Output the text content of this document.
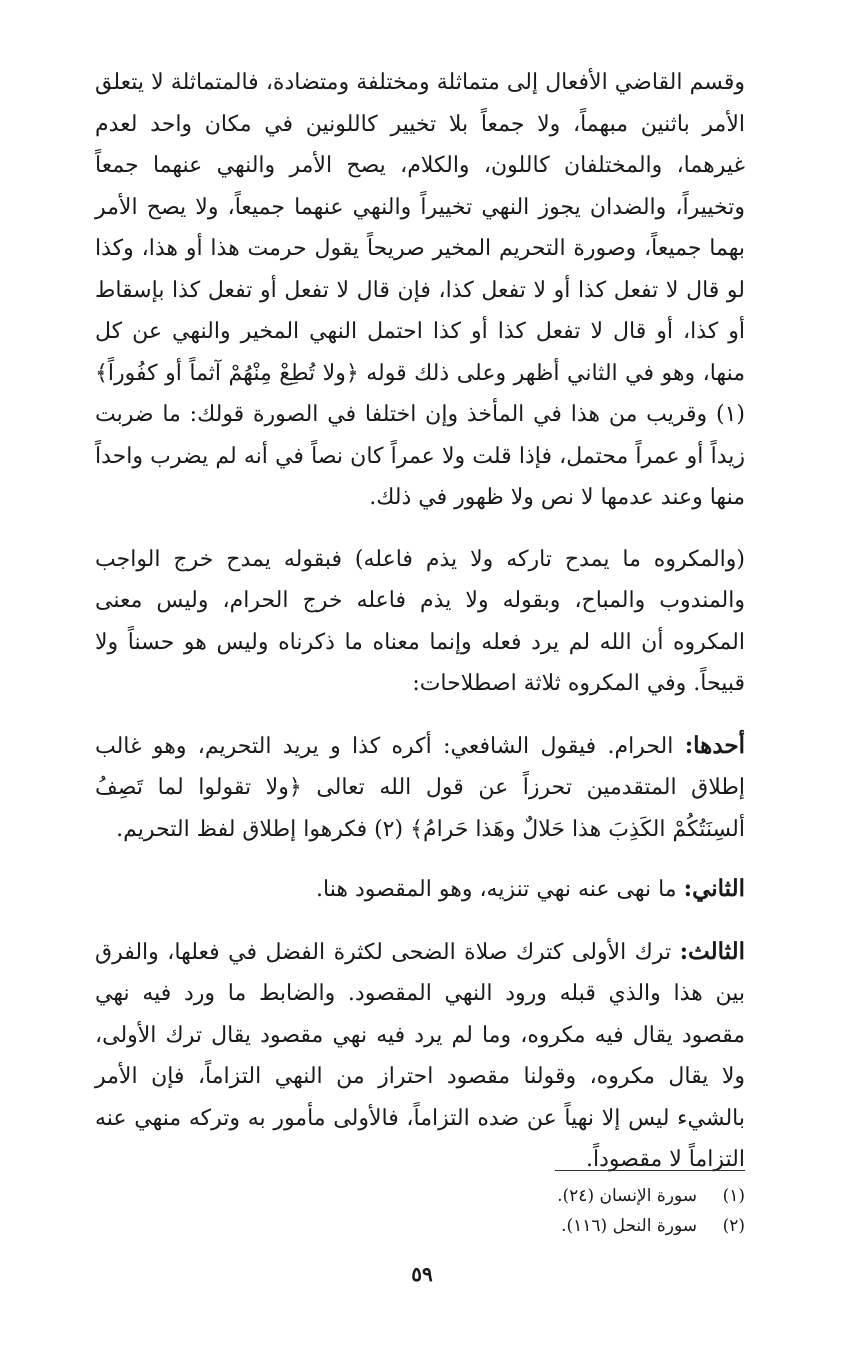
وقسم القاضي الأفعال إلى متماثلة ومختلفة ومتضادة، فالمتماثلة لا يتعلق الأمر باثنين مبهماً، ولا جمعاً بلا تخيير كاللونين في مكان واحد لعدم غيرهما، والمختلفان كاللون، والكلام، يصح الأمر والنهي عنهما جمعاً وتخييراً، والضدان يجوز النهي تخييراً والنهي عنهما جميعاً، ولا يصح الأمر بهما جميعاً، وصورة التحريم المخير صريحاً يقول حرمت هذا أو هذا، وكذا لو قال لا تفعل كذا أو لا تفعل كذا، فإن قال لا تفعل أو تفعل كذا بإسقاط أو كذا، أو قال لا تفعل كذا أو كذا احتمل النهي المخير والنهي عن كل منها، وهو في الثاني أظهر وعلى ذلك قوله ﴿ولا تُطِعْ مِنْهُمْ آثماً أو كفُوراً﴾ (١) وقريب من هذا في المأخذ وإن اختلفا في الصورة قولك: ما ضربت زيداً أو عمراً محتمل، فإذا قلت ولا عمراً كان نصاً في أنه لم يضرب واحداً منها وعند عدمها لا نص ولا ظهور في ذلك.

(والمكروه ما يمدح تاركه ولا يذم فاعله) فبقوله يمدح خرج الواجب والمندوب والمباح، وبقوله ولا يذم فاعله خرج الحرام، وليس معنى المكروه أن الله لم يرد فعله وإنما معناه ما ذكرناه وليس هو حسناً ولا قبيحاً. وفي المكروه ثلاثة اصطلاحات:

أحدها: الحرام. فيقول الشافعي: أكره كذا و يريد التحريم، وهو غالب إطلاق المتقدمين تحرزاً عن قول الله تعالى ﴿ولا تقولوا لما تَصِفُ ألسِنَتُكُمْ الكَذِبَ هذا حَلالٌ وهَذا حَرامُ﴾ (٢) فكرهوا إطلاق لفظ التحريم.

الثاني: ما نهى عنه نهي تنزيه، وهو المقصود هنا.

الثالث: ترك الأولى كترك صلاة الضحى لكثرة الفضل في فعلها، والفرق بين هذا والذي قبله ورود النهي المقصود. والضابط ما ورد فيه نهي مقصود يقال فيه مكروه، وما لم يرد فيه نهي مقصود يقال ترك الأولى، ولا يقال مكروه، وقولنا مقصود احتراز من النهي التزاماً، فإن الأمر بالشيء ليس إلا نهياً عن ضده التزاماً، فالأولى مأمور به وتركه منهي عنه التزاماً لا مقصوداً.

(١)
سورة الإنسان (٢٤).

(٢)
سورة النحل (١١٦).

٥٩
